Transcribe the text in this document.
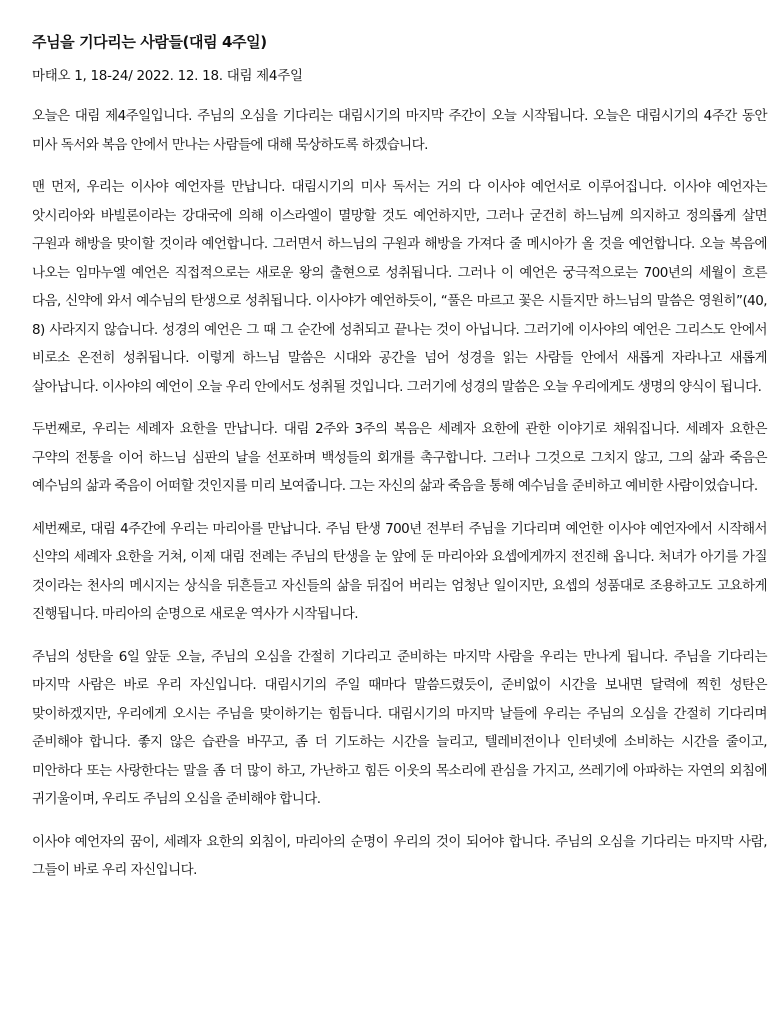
주님을 기다리는 사람들(대림 4주일)
마태오 1, 18-24/ 2022. 12. 18. 대림 제4주일

오늘은 대림 제4주일입니다. 주님의 오심을 기다리는 대림시기의 마지막 주간이 오늘 시작됩니다. 오늘은 대림시기의 4주간 동안 미사 독서와 복음 안에서 만나는 사람들에 대해 묵상하도록 하겠습니다.

맨 먼저, 우리는 이사야 예언자를 만납니다. 대림시기의 미사 독서는 거의 다 이사야 예언서로 이루어집니다. 이사야 예언자는 앗시리아와 바빌론이라는 강대국에 의해 이스라엘이 멸망할 것도 예언하지만, 그러나 굳건히 하느님께 의지하고 정의롭게 살면 구원과 해방을 맞이할 것이라 예언합니다. 그러면서 하느님의 구원과 해방을 가져다 줄 메시아가 올 것을 예언합니다. 오늘 복음에 나오는 임마누엘 예언은 직접적으로는 새로운 왕의 출현으로 성취됩니다. 그러나 이 예언은 궁극적으로는 700년의 세월이 흐른 다음, 신약에 와서 예수님의 탄생으로 성취됩니다. 이사야가 예언하듯이, “풀은 마르고 꽃은 시들지만 하느님의 말씀은 영원히”(40, 8) 사라지지 않습니다. 성경의 예언은 그 때 그 순간에 성취되고 끝나는 것이 아닙니다. 그러기에 이사야의 예언은 그리스도 안에서 비로소 온전히 성취됩니다. 이렇게 하느님 말씀은 시대와 공간을 넘어 성경을 읽는 사람들 안에서 새롭게 자라나고 새롭게 살아납니다. 이사야의 예언이 오늘 우리 안에서도 성취될 것입니다. 그러기에 성경의 말씀은 오늘 우리에게도 생명의 양식이 됩니다.

두번째로, 우리는 세례자 요한을 만납니다. 대림 2주와 3주의 복음은 세례자 요한에 관한 이야기로 채워집니다. 세례자 요한은 구약의 전통을 이어 하느님 심판의 날을 선포하며 백성들의 회개를 촉구합니다. 그러나 그것으로 그치지 않고, 그의 삶과 죽음은 예수님의 삶과 죽음이 어떠할 것인지를 미리 보여줍니다. 그는 자신의 삶과 죽음을 통해 예수님을 준비하고 예비한 사람이었습니다.

세번째로, 대림 4주간에 우리는 마리아를 만납니다. 주님 탄생 700년 전부터 주님을 기다리며 예언한 이사야 예언자에서 시작해서 신약의 세례자 요한을 거쳐, 이제 대림 전례는 주님의 탄생을 눈 앞에 둔 마리아와 요셉에게까지 전진해 옵니다. 처녀가 아기를 가질 것이라는 천사의 메시지는 상식을 뒤흔들고 자신들의 삶을 뒤집어 버리는 엄청난 일이지만, 요셉의 성품대로 조용하고도 고요하게 진행됩니다. 마리아의 순명으로 새로운 역사가 시작됩니다.

주님의 성탄을 6일 앞둔 오늘, 주님의 오심을 간절히 기다리고 준비하는 마지막 사람을 우리는 만나게 됩니다. 주님을 기다리는 마지막 사람은 바로 우리 자신입니다. 대림시기의 주일 때마다 말씀드렸듯이, 준비없이 시간을 보내면 달력에 찍힌 성탄은 맞이하겠지만, 우리에게 오시는 주님을 맞이하기는 힘듭니다. 대림시기의 마지막 날들에 우리는 주님의 오심을 간절히 기다리며 준비해야 합니다. 좋지 않은 습관을 바꾸고, 좀 더 기도하는 시간을 늘리고, 텔레비전이나 인터넷에 소비하는 시간을 줄이고, 미안하다 또는 사랑한다는 말을 좀 더 많이 하고, 가난하고 힘든 이웃의 목소리에 관심을 가지고, 쓰레기에 아파하는 자연의 외침에 귀기울이며, 우리도 주님의 오심을 준비해야 합니다.

이사야 예언자의 꿈이, 세례자 요한의 외침이, 마리아의 순명이 우리의 것이 되어야 합니다. 주님의 오심을 기다리는 마지막 사람, 그들이 바로 우리 자신입니다.
